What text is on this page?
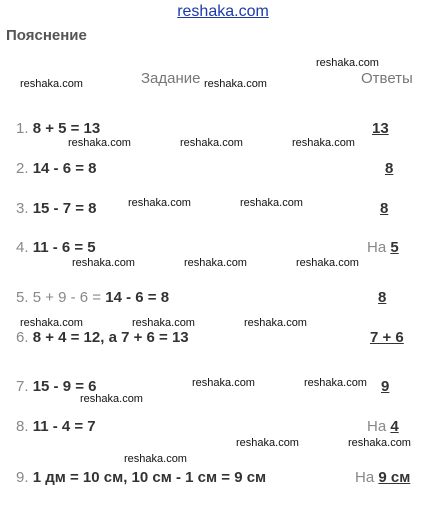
reshaka.com
Пояснение
Задание	Ответы
reshaka.com
reshaka.com	reshaka.com
reshaka.com	reshaka.com	reshaka.com
reshaka.com	reshaka.com
reshaka.com	reshaka.com	reshaka.com
reshaka.com	reshaka.com	reshaka.com
reshaka.com	reshaka.com
reshaka.com
reshaka.com	reshaka.com
reshaka.com
1. 8 + 5 = 13	13
2. 14 - 6 = 8	8
3. 15 - 7 = 8	8
4. 11 - 6 = 5	На 5
5. 5 + 9 - 6 = 14 - 6 = 8	8
6. 8 + 4 = 12, а 7 + 6 = 13	7 + 6
7. 15 - 9 = 6	9
8. 11 - 4 = 7	На 4
9. 1 дм = 10 см, 10 см - 1 см = 9 см	На 9 см
